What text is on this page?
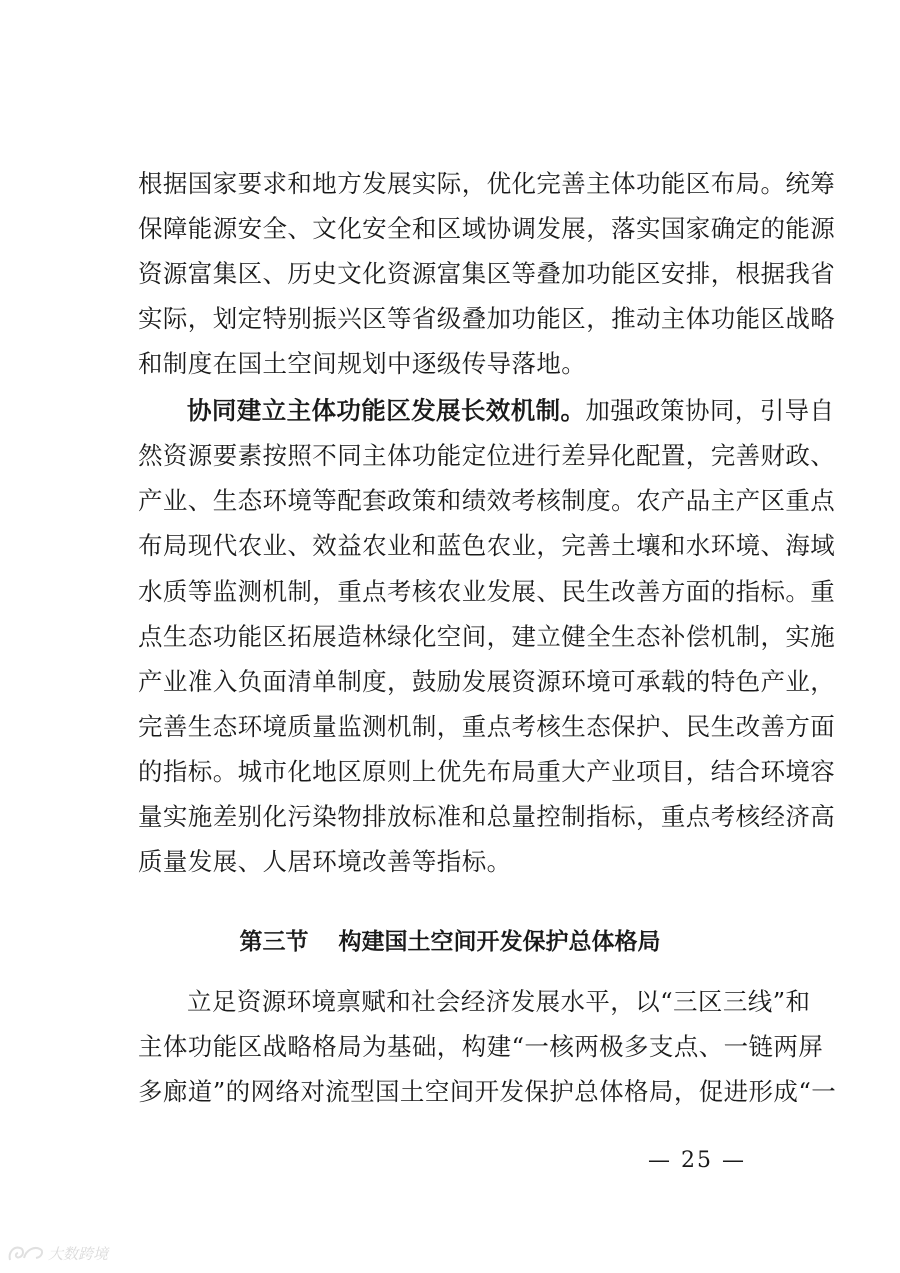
根据国家要求和地方发展实际，优化完善主体功能区布局。统筹
保障能源安全、文化安全和区域协调发展，落实国家确定的能源
资源富集区、历史文化资源富集区等叠加功能区安排，根据我省
实际，划定特别振兴区等省级叠加功能区，推动主体功能区战略
和制度在国土空间规划中逐级传导落地。
协同建立主体功能区发展长效机制。加强政策协同，引导自
然资源要素按照不同主体功能定位进行差异化配置，完善财政、
产业、生态环境等配套政策和绩效考核制度。农产品主产区重点
布局现代农业、效益农业和蓝色农业，完善土壤和水环境、海域
水质等监测机制，重点考核农业发展、民生改善方面的指标。重
点生态功能区拓展造林绿化空间，建立健全生态补偿机制，实施
产业准入负面清单制度，鼓励发展资源环境可承载的特色产业，
完善生态环境质量监测机制，重点考核生态保护、民生改善方面
的指标。城市化地区原则上优先布局重大产业项目，结合环境容
量实施差别化污染物排放标准和总量控制指标，重点考核经济高
质量发展、人居环境改善等指标。
第三节 构建国土空间开发保护总体格局
立足资源环境禀赋和社会经济发展水平，以“三区三线”和
主体功能区战略格局为基础，构建“一核两极多支点、一链两屏
多廊道”的网络对流型国土空间开发保护总体格局，促进形成“一
— 25 —
大数跨境
